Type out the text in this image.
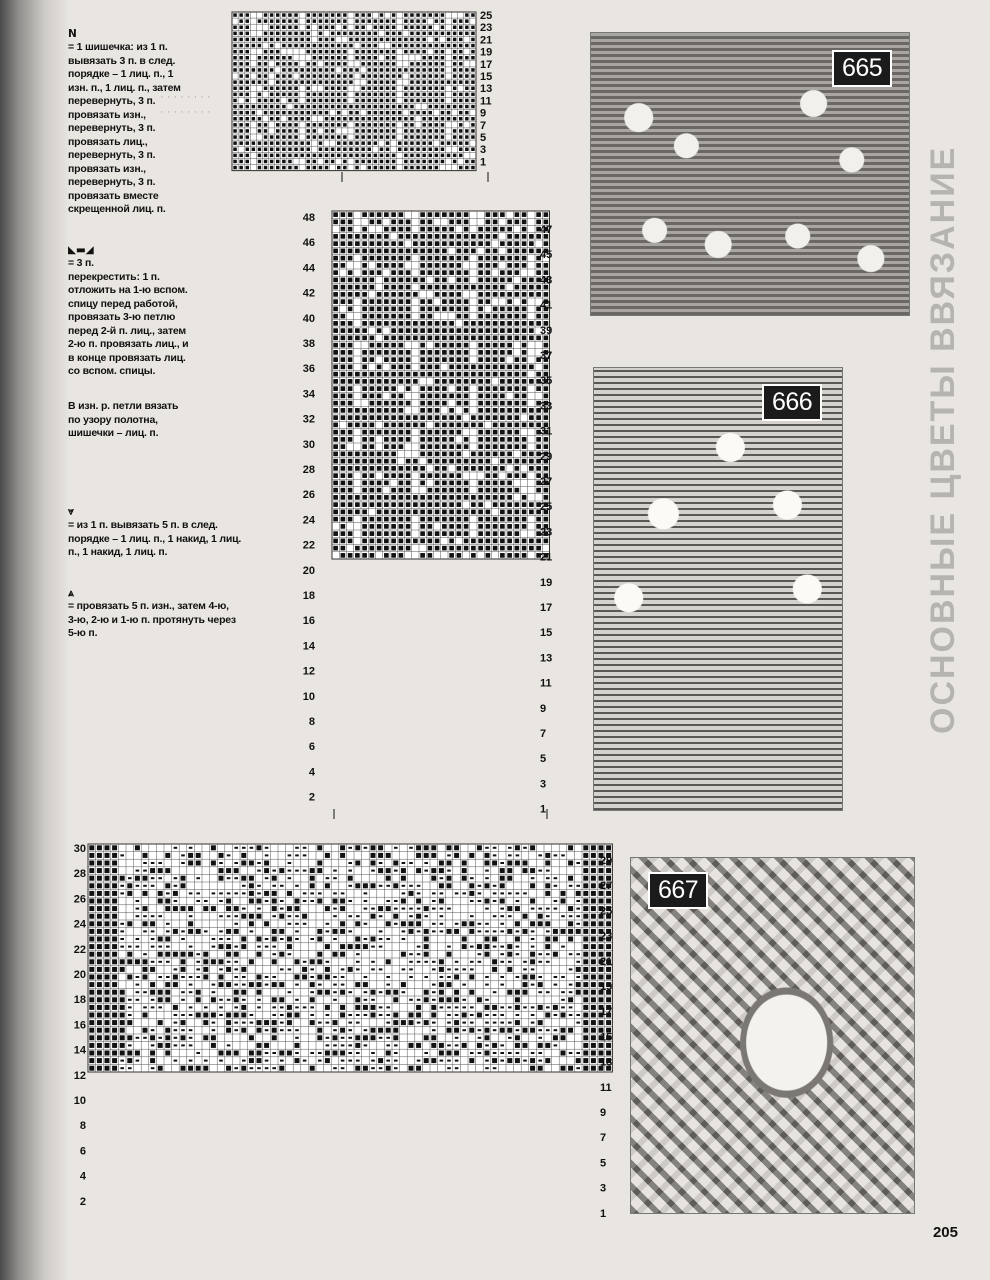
· · · · · · · ·
· · · · · · · ·

N
= 1 шишечка: из 1 п.
вывязать 3 п. в след.
порядке – 1 лиц. п., 1
изн. п., 1 лиц. п., затем
перевернуть, 3 п.
провязать изн.,
перевернуть, 3 п.
провязать лиц.,
перевернуть, 3 п.
провязать изн.,
перевернуть, 3 п.
провязать вместе
скрещенной лиц. п.

◣▬◢
= 3 п.
перекрестить: 1 п.
отложить на 1-ю вспом.
спицу перед работой,
провязать 3-ю петлю
перед 2-й п. лиц., затем
2-ю п. провязать лиц., и
в конце провязать лиц.
со вспом. спицы.

В изн. р. петли вязать
по узору полотна,
шишечки – лиц. п.

⩔
= из 1 п. вывязать 5 п. в след.
порядке – 1 лиц. п., 1 накид, 1 лиц.
п., 1 накид, 1 лиц. п.

⩓
= провязать 5 п. изн., затем 4-ю,
3-ю, 2-ю и 1-ю п. протянуть через
5-ю п.

25
23
21
19
17
15
13
11
9
7
5
3
1
48
46
44
42
40
38
36
34
32
30
28
26
24
22
20
18
16
14
12
10
8
6
4
2
47
45
43
41
39
37
35
33
31
29
27
25
23
21
19
17
15
13
11
9
7
5
3
1
30
28
26
24
22
20
18
16
14
12
10
8
6
4
2
29
27
25
23
21
19
17
15
13
11
9
7
5
3
1
665
666
667
ОСНОВНЫЕ ЦВЕТЫ ВВЯЗАНИЕ
205
